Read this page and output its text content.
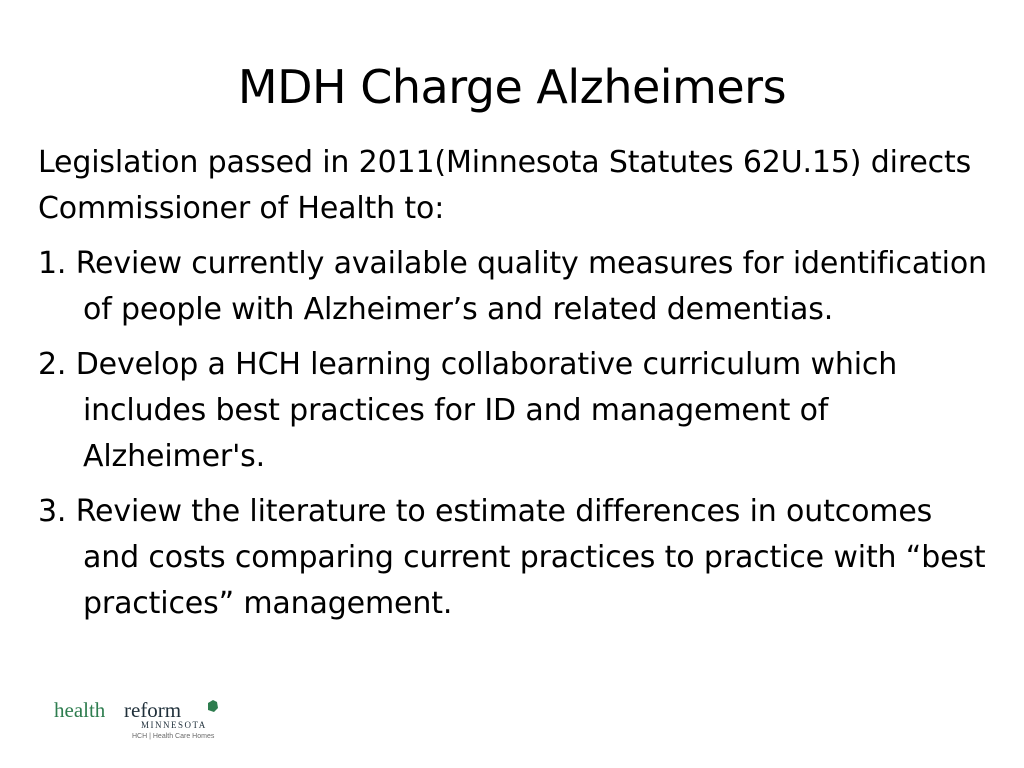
MDH Charge Alzheimers

Legislation passed in 2011(Minnesota Statutes 62U.15) directs Commissioner of Health to:

1. Review currently available quality measures for identification of people with Alzheimer’s and related dementias.

2. Develop a HCH learning collaborative curriculum which includes best practices for ID and management of Alzheimer's.

3. Review the literature to estimate differences in outcomes and costs comparing current practices to practice with “best practices” management.

health reform
MINNESOTA
HCH | Health Care Homes
